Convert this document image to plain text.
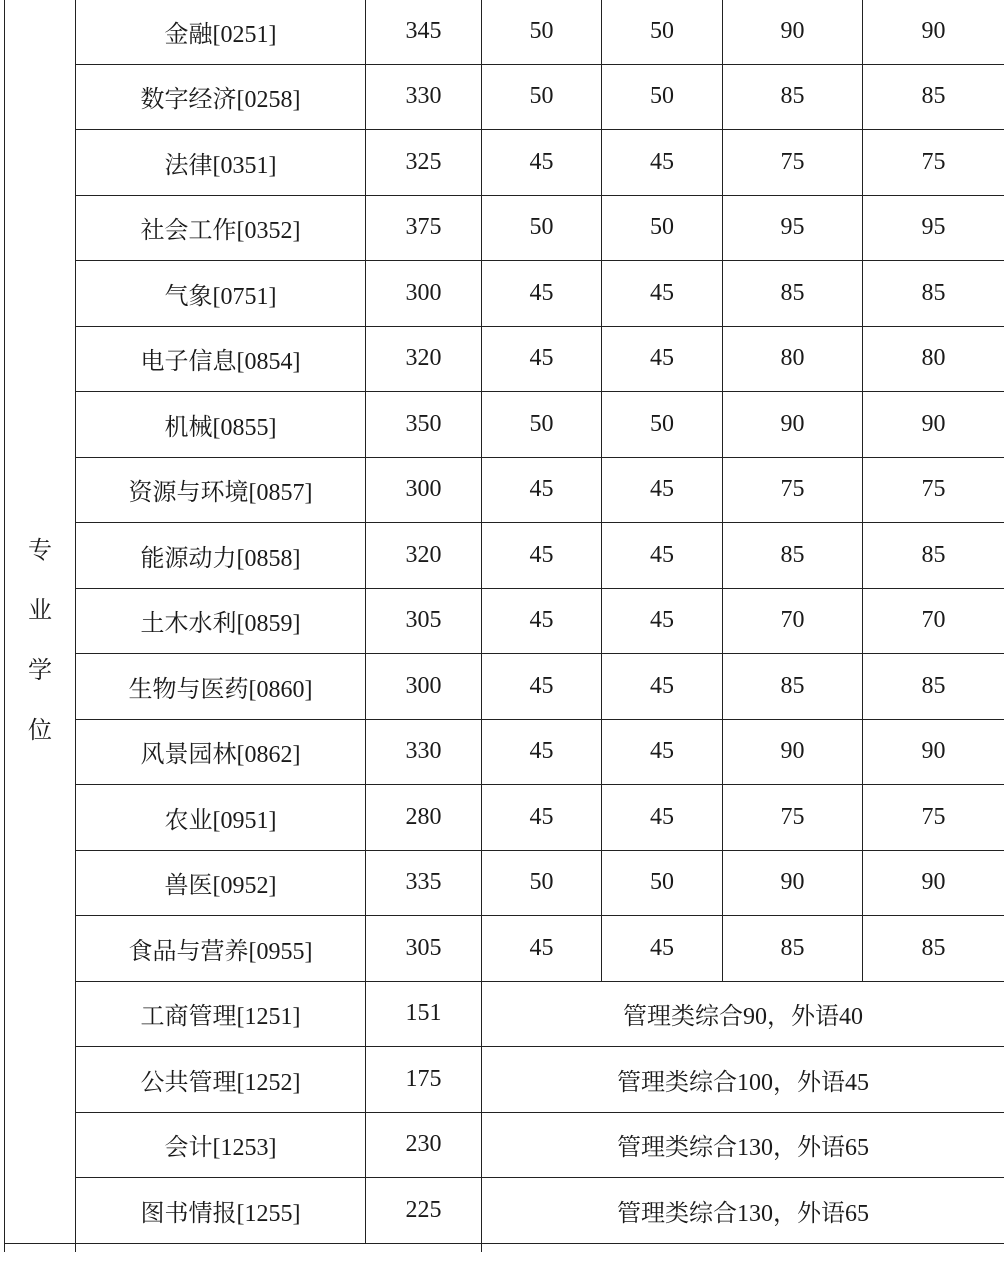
专
业
学
位	金融[0251]	345	50	50	90	90
	数字经济[0258]	330	50	50	85	85
	法律[0351]	325	45	45	75	75
	社会工作[0352]	375	50	50	95	95
	气象[0751]	300	45	45	85	85
	电子信息[0854]	320	45	45	80	80
	机械[0855]	350	50	50	90	90
	资源与环境[0857]	300	45	45	75	75
	能源动力[0858]	320	45	45	85	85
	土木水利[0859]	305	45	45	70	70
	生物与医药[0860]	300	45	45	85	85
	风景园林[0862]	330	45	45	90	90
	农业[0951]	280	45	45	75	75
	兽医[0952]	335	50	50	90	90
	食品与营养[0955]	305	45	45	85	85
	工商管理[1251]	151	管理类综合90，外语40			
	公共管理[1252]	175	管理类综合100，外语45			
	会计[1253]	230	管理类综合130，外语65			
	图书情报[1255]	225	管理类综合130，外语65			
